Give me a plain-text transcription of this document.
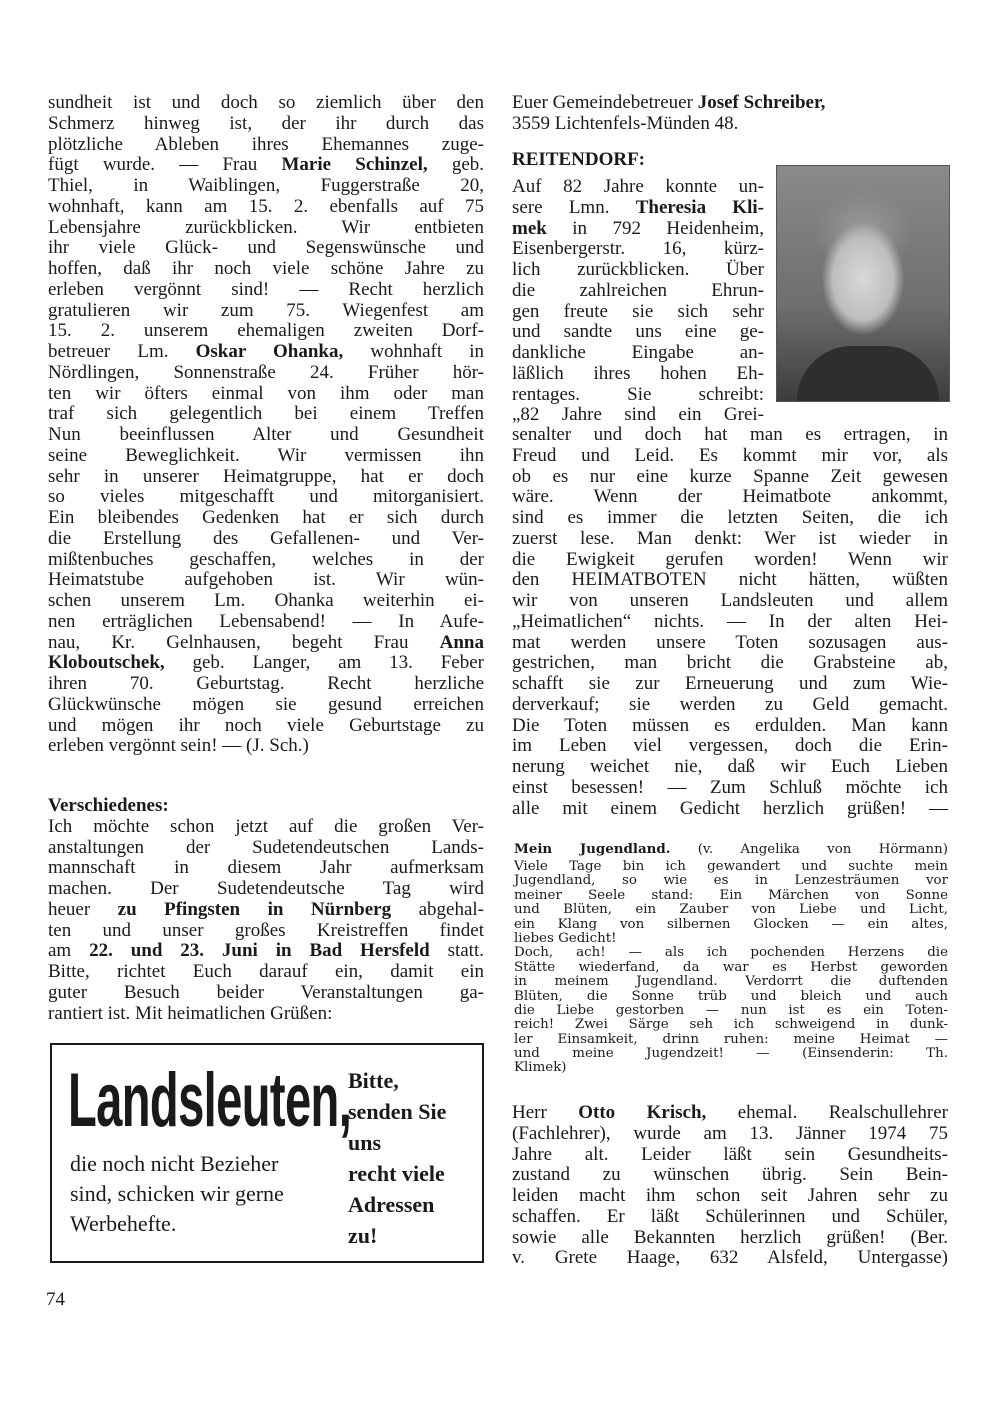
sundheit ist und doch so ziemlich über den
Schmerz hinweg ist, der ihr durch das
plötzliche Ableben ihres Ehemannes zuge-
fügt wurde. — Frau Marie Schinzel, geb.
Thiel, in Waiblingen, Fuggerstraße 20,
wohnhaft, kann am 15. 2. ebenfalls auf 75
Lebensjahre zurückblicken. Wir entbieten
ihr viele Glück- und Segenswünsche und
hoffen, daß ihr noch viele schöne Jahre zu
erleben vergönnt sind! — Recht herzlich
gratulieren wir zum 75. Wiegenfest am
15. 2. unserem ehemaligen zweiten Dorf-
betreuer Lm. Oskar Ohanka, wohnhaft in
Nördlingen, Sonnenstraße 24. Früher hör-
ten wir öfters einmal von ihm oder man
traf sich gelegentlich bei einem Treffen
Nun beeinflussen Alter und Gesundheit
seine Beweglichkeit. Wir vermissen ihn
sehr in unserer Heimatgruppe, hat er doch
so vieles mitgeschafft und mitorganisiert.
Ein bleibendes Gedenken hat er sich durch
die Erstellung des Gefallenen- und Ver-
mißtenbuches geschaffen, welches in der
Heimatstube aufgehoben ist. Wir wün-
schen unserem Lm. Ohanka weiterhin ei-
nen erträglichen Lebensabend! — In Aufe-
nau, Kr. Gelnhausen, begeht Frau Anna
Kloboutschek, geb. Langer, am 13. Feber
ihren 70. Geburtstag. Recht herzliche
Glückwünsche mögen sie gesund erreichen
und mögen ihr noch viele Geburtstage zu
erleben vergönnt sein! — (J. Sch.)
Verschiedenes:
Ich möchte schon jetzt auf die großen Ver-
anstaltungen der Sudetendeutschen Lands-
mannschaft in diesem Jahr aufmerksam
machen. Der Sudetendeutsche Tag wird
heuer zu Pfingsten in Nürnberg abgehal-
ten und unser großes Kreistreffen findet
am 22. und 23. Juni in Bad Hersfeld statt.
Bitte, richtet Euch darauf ein, damit ein
guter Besuch beider Veranstaltungen ga-
rantiert ist. Mit heimatlichen Grüßen:
Euer Gemeindebetreuer Josef Schreiber,
3559 Lichtenfels-Münden 48.
REITENDORF:
Auf 82 Jahre konnte un-
sere Lmn. Theresia Kli-
mek in 792 Heidenheim,
Eisenbergerstr. 16, kürz-
lich zurückblicken. Über
die zahlreichen Ehrun-
gen freute sie sich sehr
und sandte uns eine ge-
dankliche Eingabe an-
läßlich ihres hohen Eh-
rentages. Sie schreibt:
„82 Jahre sind ein Grei-
senalter und doch hat man es ertragen, in
Freud und Leid. Es kommt mir vor, als
ob es nur eine kurze Spanne Zeit gewesen
wäre. Wenn der Heimatbote ankommt,
sind es immer die letzten Seiten, die ich
zuerst lese. Man denkt: Wer ist wieder in
die Ewigkeit gerufen worden! Wenn wir
den HEIMATBOTEN nicht hätten, wüßten
wir von unseren Landsleuten und allem
„Heimatlichen“ nichts. — In der alten Hei-
mat werden unsere Toten sozusagen aus-
gestrichen, man bricht die Grabsteine ab,
schafft sie zur Erneuerung und zum Wie-
derverkauf; sie werden zu Geld gemacht.
Die Toten müssen es erdulden. Man kann
im Leben viel vergessen, doch die Erin-
nerung weichet nie, daß wir Euch Lieben
einst besessen! — Zum Schluß möchte ich
alle mit einem Gedicht herzlich grüßen! —
Mein Jugendland. (v. Angelika von Hörmann)
Viele Tage bin ich gewandert und suchte mein
Jugendland, so wie es in Lenzesträumen vor
meiner Seele stand: Ein Märchen von Sonne
und Blüten, ein Zauber von Liebe und Licht,
ein Klang von silbernen Glocken — ein altes,
liebes Gedicht!
Doch, ach! — als ich pochenden Herzens die
Stätte wiederfand, da war es Herbst geworden
in meinem Jugendland. Verdorrt die duftenden
Blüten, die Sonne trüb und bleich und auch
die Liebe gestorben — nun ist es ein Toten-
reich! Zwei Särge seh ich schweigend in dunk-
ler Einsamkeit, drinn ruhen: meine Heimat —
und meine Jugendzeit! — (Einsenderin: Th.
Klimek)
Herr Otto Krisch, ehemal. Realschullehrer
(Fachlehrer), wurde am 13. Jänner 1974 75
Jahre alt. Leider läßt sein Gesundheits-
zustand zu wünschen übrig. Sein Bein-
leiden macht ihm schon seit Jahren sehr zu
schaffen. Er läßt Schülerinnen und Schüler,
sowie alle Bekannten herzlich grüßen! (Ber.
v. Grete Haage, 632 Alsfeld, Untergasse)
Landsleuten,
die noch nicht Bezieher
sind, schicken wir gerne
Werbehefte.
Bitte,
senden Sie
uns
recht viele
Adressen
zu!
74
